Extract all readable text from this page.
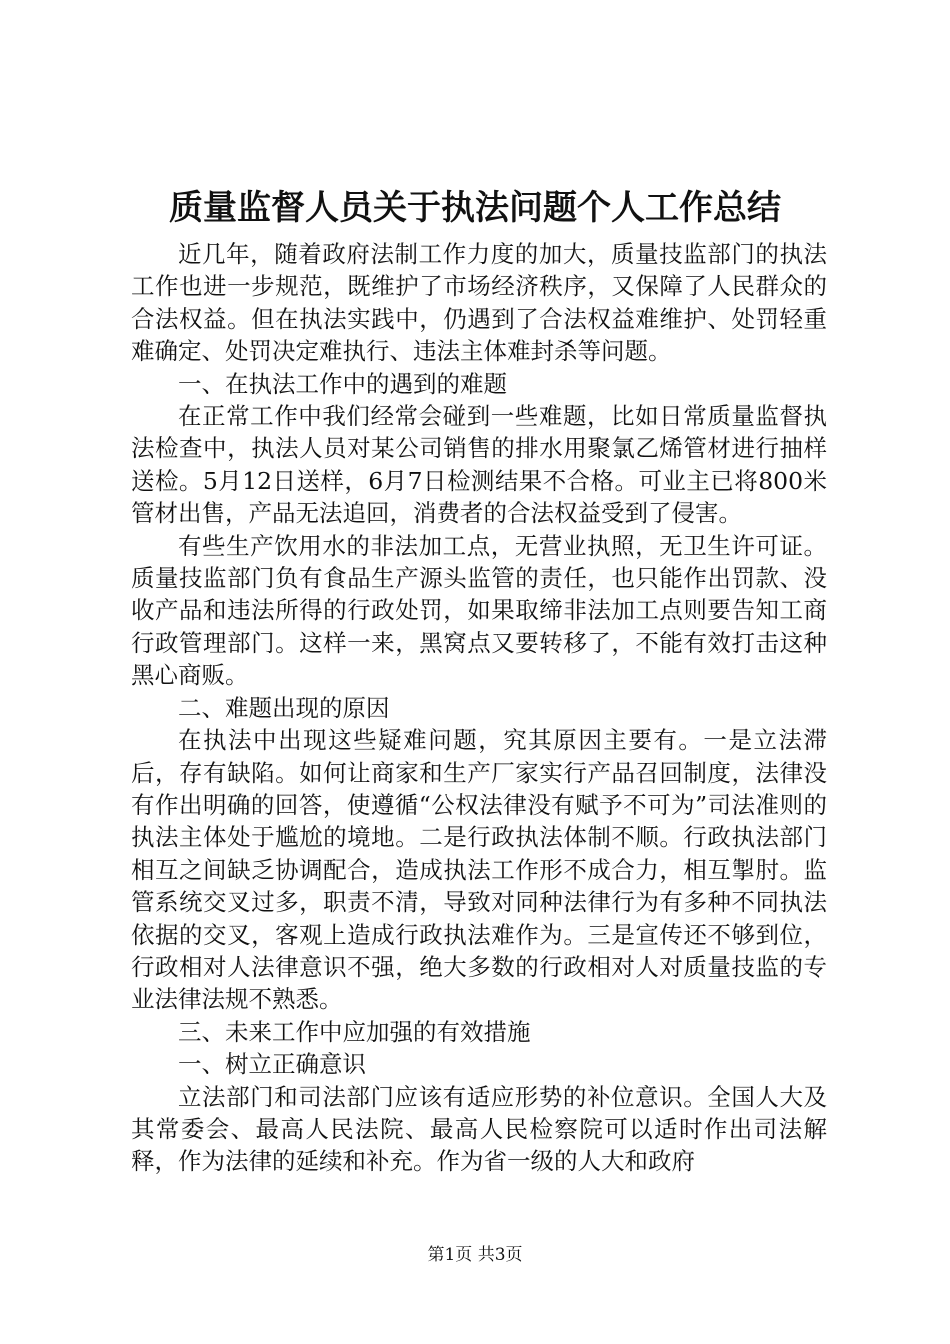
质量监督人员关于执法问题个人工作总结

近几年，随着政府法制工作力度的加大，质量技监部门的执法工作也进一步规范，既维护了市场经济秩序，又保障了人民群众的合法权益。但在执法实践中，仍遇到了合法权益难维护、处罚轻重难确定、处罚决定难执行、违法主体难封杀等问题。

一、在执法工作中的遇到的难题

在正常工作中我们经常会碰到一些难题，比如日常质量监督执法检查中，执法人员对某公司销售的排水用聚氯乙烯管材进行抽样送检。5月12日送样，6月7日检测结果不合格。可业主已将800米管材出售，产品无法追回，消费者的合法权益受到了侵害。

有些生产饮用水的非法加工点，无营业执照，无卫生许可证。质量技监部门负有食品生产源头监管的责任，也只能作出罚款、没收产品和违法所得的行政处罚，如果取缔非法加工点则要告知工商行政管理部门。这样一来，黑窝点又要转移了，不能有效打击这种黑心商贩。

二、难题出现的原因

在执法中出现这些疑难问题，究其原因主要有。一是立法滞后，存有缺陷。如何让商家和生产厂家实行产品召回制度，法律没有作出明确的回答，使遵循“公权法律没有赋予不可为”司法准则的执法主体处于尴尬的境地。二是行政执法体制不顺。行政执法部门相互之间缺乏协调配合，造成执法工作形不成合力，相互掣肘。监管系统交叉过多，职责不清，导致对同种法律行为有多种不同执法依据的交叉，客观上造成行政执法难作为。三是宣传还不够到位，行政相对人法律意识不强，绝大多数的行政相对人对质量技监的专业法律法规不熟悉。

三、未来工作中应加强的有效措施

一、树立正确意识

立法部门和司法部门应该有适应形势的补位意识。全国人大及其常委会、最高人民法院、最高人民检察院可以适时作出司法解释，作为法律的延续和补充。作为省一级的人大和政府

第1页 共3页
